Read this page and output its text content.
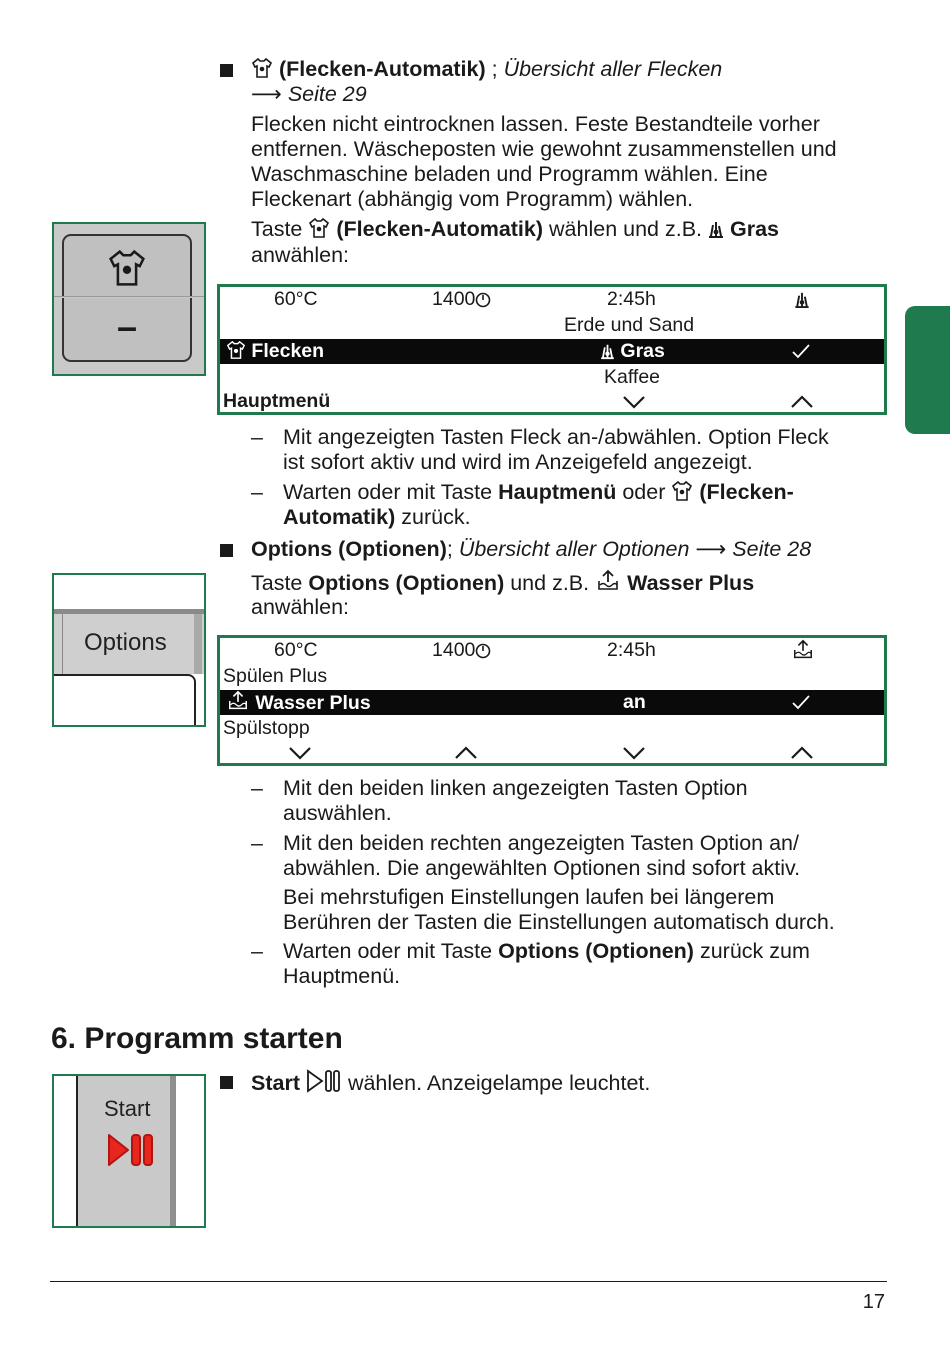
(Flecken-Automatik) ; Übersicht aller Flecken
⟶ Seite 29
Flecken nicht eintrocknen lassen. Feste Bestandteile vorher
entfernen. Wäscheposten wie gewohnt zusammenstellen und
Waschmaschine beladen und Programm wählen. Eine
Fleckenart (abhängig vom Programm) wählen.
Taste (Flecken-Automatik) wählen und z.B. Gras
anwählen:
–
60°C	1400	2:45h
Erde und Sand
Flecken	Gras
Kaffee
Hauptmenü
– Mit angezeigten Tasten Fleck an-/abwählen. Option Fleck
ist sofort aktiv und wird im Anzeigefeld angezeigt.
– Warten oder mit Taste Hauptmenü oder (Flecken-
Automatik) zurück.
Options (Optionen); Übersicht aller Optionen ⟶ Seite 28
Taste Options (Optionen) und z.B. Wasser Plus
anwählen:
Options	60°C	1400	2:45h
Spülen Plus
Wasser Plus	an
Spülstopp
– Mit den beiden linken angezeigten Tasten Option
auswählen.
– Mit den beiden rechten angezeigten Tasten Option an/
abwählen. Die angewählten Optionen sind sofort aktiv.
Bei mehrstufigen Einstellungen laufen bei längerem
Berühren der Tasten die Einstellungen automatisch durch.
– Warten oder mit Taste Options (Optionen) zurück zum
Hauptmenü.
6. Programm starten
Start wählen. Anzeigelampe leuchtet.
Start
17
